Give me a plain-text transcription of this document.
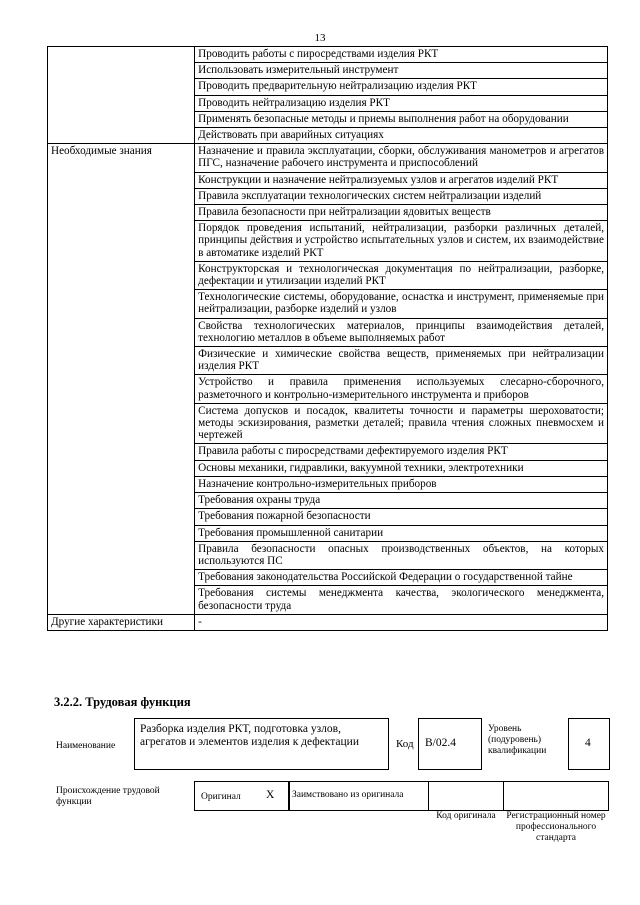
13
	Проводить работы с пиросредствами изделия РКТ
	Использовать измерительный инструмент
	Проводить предварительную нейтрализацию изделия РКТ
	Проводить нейтрализацию изделия РКТ
	Применять безопасные методы и приемы выполнения работ на оборудовании
	Действовать при аварийных ситуациях
Необходимые знания	Назначение и правила эксплуатации, сборки, обслуживания манометров и агрегатов ПГС, назначение рабочего инструмента и приспособлений
	Конструкции и назначение нейтрализуемых узлов и агрегатов изделий РКТ
	Правила эксплуатации технологических систем нейтрализации изделий
	Правила безопасности при нейтрализации ядовитых веществ
	Порядок проведения испытаний, нейтрализации, разборки различных деталей, принципы действия и устройство испытательных узлов и систем, их взаимодействие в автоматике изделий РКТ
	Конструкторская и технологическая документация по нейтрализации, разборке, дефектации и утилизации изделий РКТ
	Технологические системы, оборудование, оснастка и инструмент, применяемые при нейтрализации, разборке изделий и узлов
	Свойства технологических материалов, принципы взаимодействия деталей, технологию металлов в объеме выполняемых работ
	Физические и химические свойства веществ, применяемых при нейтрализации изделия РКТ
	Устройство и правила применения используемых слесарно-сборочного, разметочного и контрольно-измерительного инструмента и приборов
	Система допусков и посадок, квалитеты точности и параметры шероховатости; методы эскизирования, разметки деталей; правила чтения сложных пневмосхем и чертежей
	Правила работы с пиросредствами дефектируемого изделия РКТ
	Основы механики, гидравлики, вакуумной техники, электротехники
	Назначение контрольно-измерительных приборов
	Требования охраны труда
	Требования пожарной безопасности
	Требования промышленной санитарии
	Правила безопасности опасных производственных объектов, на которых используются ПС
	Требования законодательства Российской Федерации о государственной тайне
	Требования системы менеджмента качества, экологического менеджмента, безопасности труда
Другие характеристики	-
3.2.2. Трудовая функция
Наименование
Разборка изделия РКТ, подготовка узлов, агрегатов и элементов изделия к дефектации	Код B/02.4
Уровень (подуровень) квалификации
4
Происхождение трудовой функции	Оригинал X Заимствовано из оригинала
Код оригинала Регистрационный номер профессионального стандарта
